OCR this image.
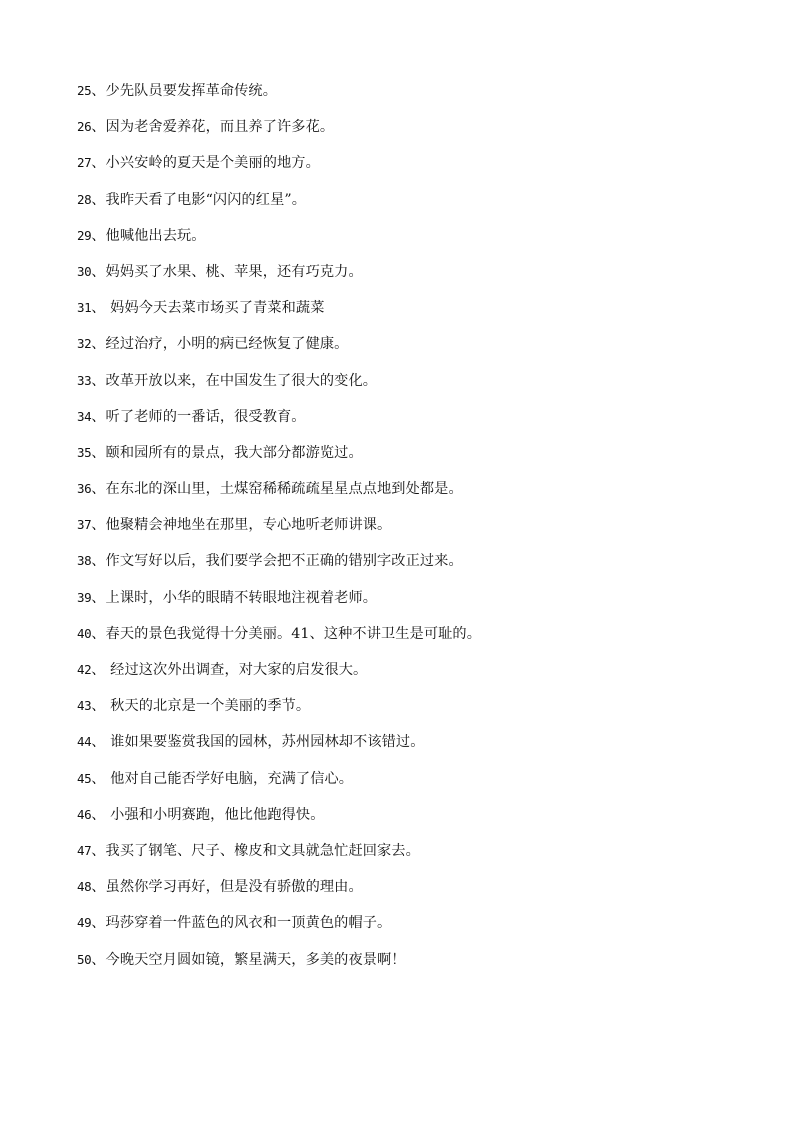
25、少先队员要发挥革命传统。
26、因为老舍爱养花，而且养了许多花。
27、小兴安岭的夏天是个美丽的地方。
28、我昨天看了电影“闪闪的红星”。
29、他喊他出去玩。
30、妈妈买了水果、桃、苹果，还有巧克力。
31、 妈妈今天去菜市场买了青菜和蔬菜
32、经过治疗，小明的病已经恢复了健康。
33、改革开放以来，在中国发生了很大的变化。
34、听了老师的一番话，很受教育。
35、颐和园所有的景点，我大部分都游览过。
36、在东北的深山里，土煤窑稀稀疏疏星星点点地到处都是。
37、他聚精会神地坐在那里，专心地听老师讲课。
38、作文写好以后，我们要学会把不正确的错别字改正过来。
39、上课时，小华的眼睛不转眼地注视着老师。
40、春天的景色我觉得十分美丽。41、这种不讲卫生是可耻的。
42、 经过这次外出调查，对大家的启发很大。
43、 秋天的北京是一个美丽的季节。
44、 谁如果要鉴赏我国的园林，苏州园林却不该错过。
45、 他对自己能否学好电脑，充满了信心。
46、 小强和小明赛跑，他比他跑得快。
47、我买了钢笔、尺子、橡皮和文具就急忙赶回家去。
48、虽然你学习再好，但是没有骄傲的理由。
49、玛莎穿着一件蓝色的风衣和一顶黄色的帽子。
50、今晚天空月圆如镜，繁星满天，多美的夜景啊！
